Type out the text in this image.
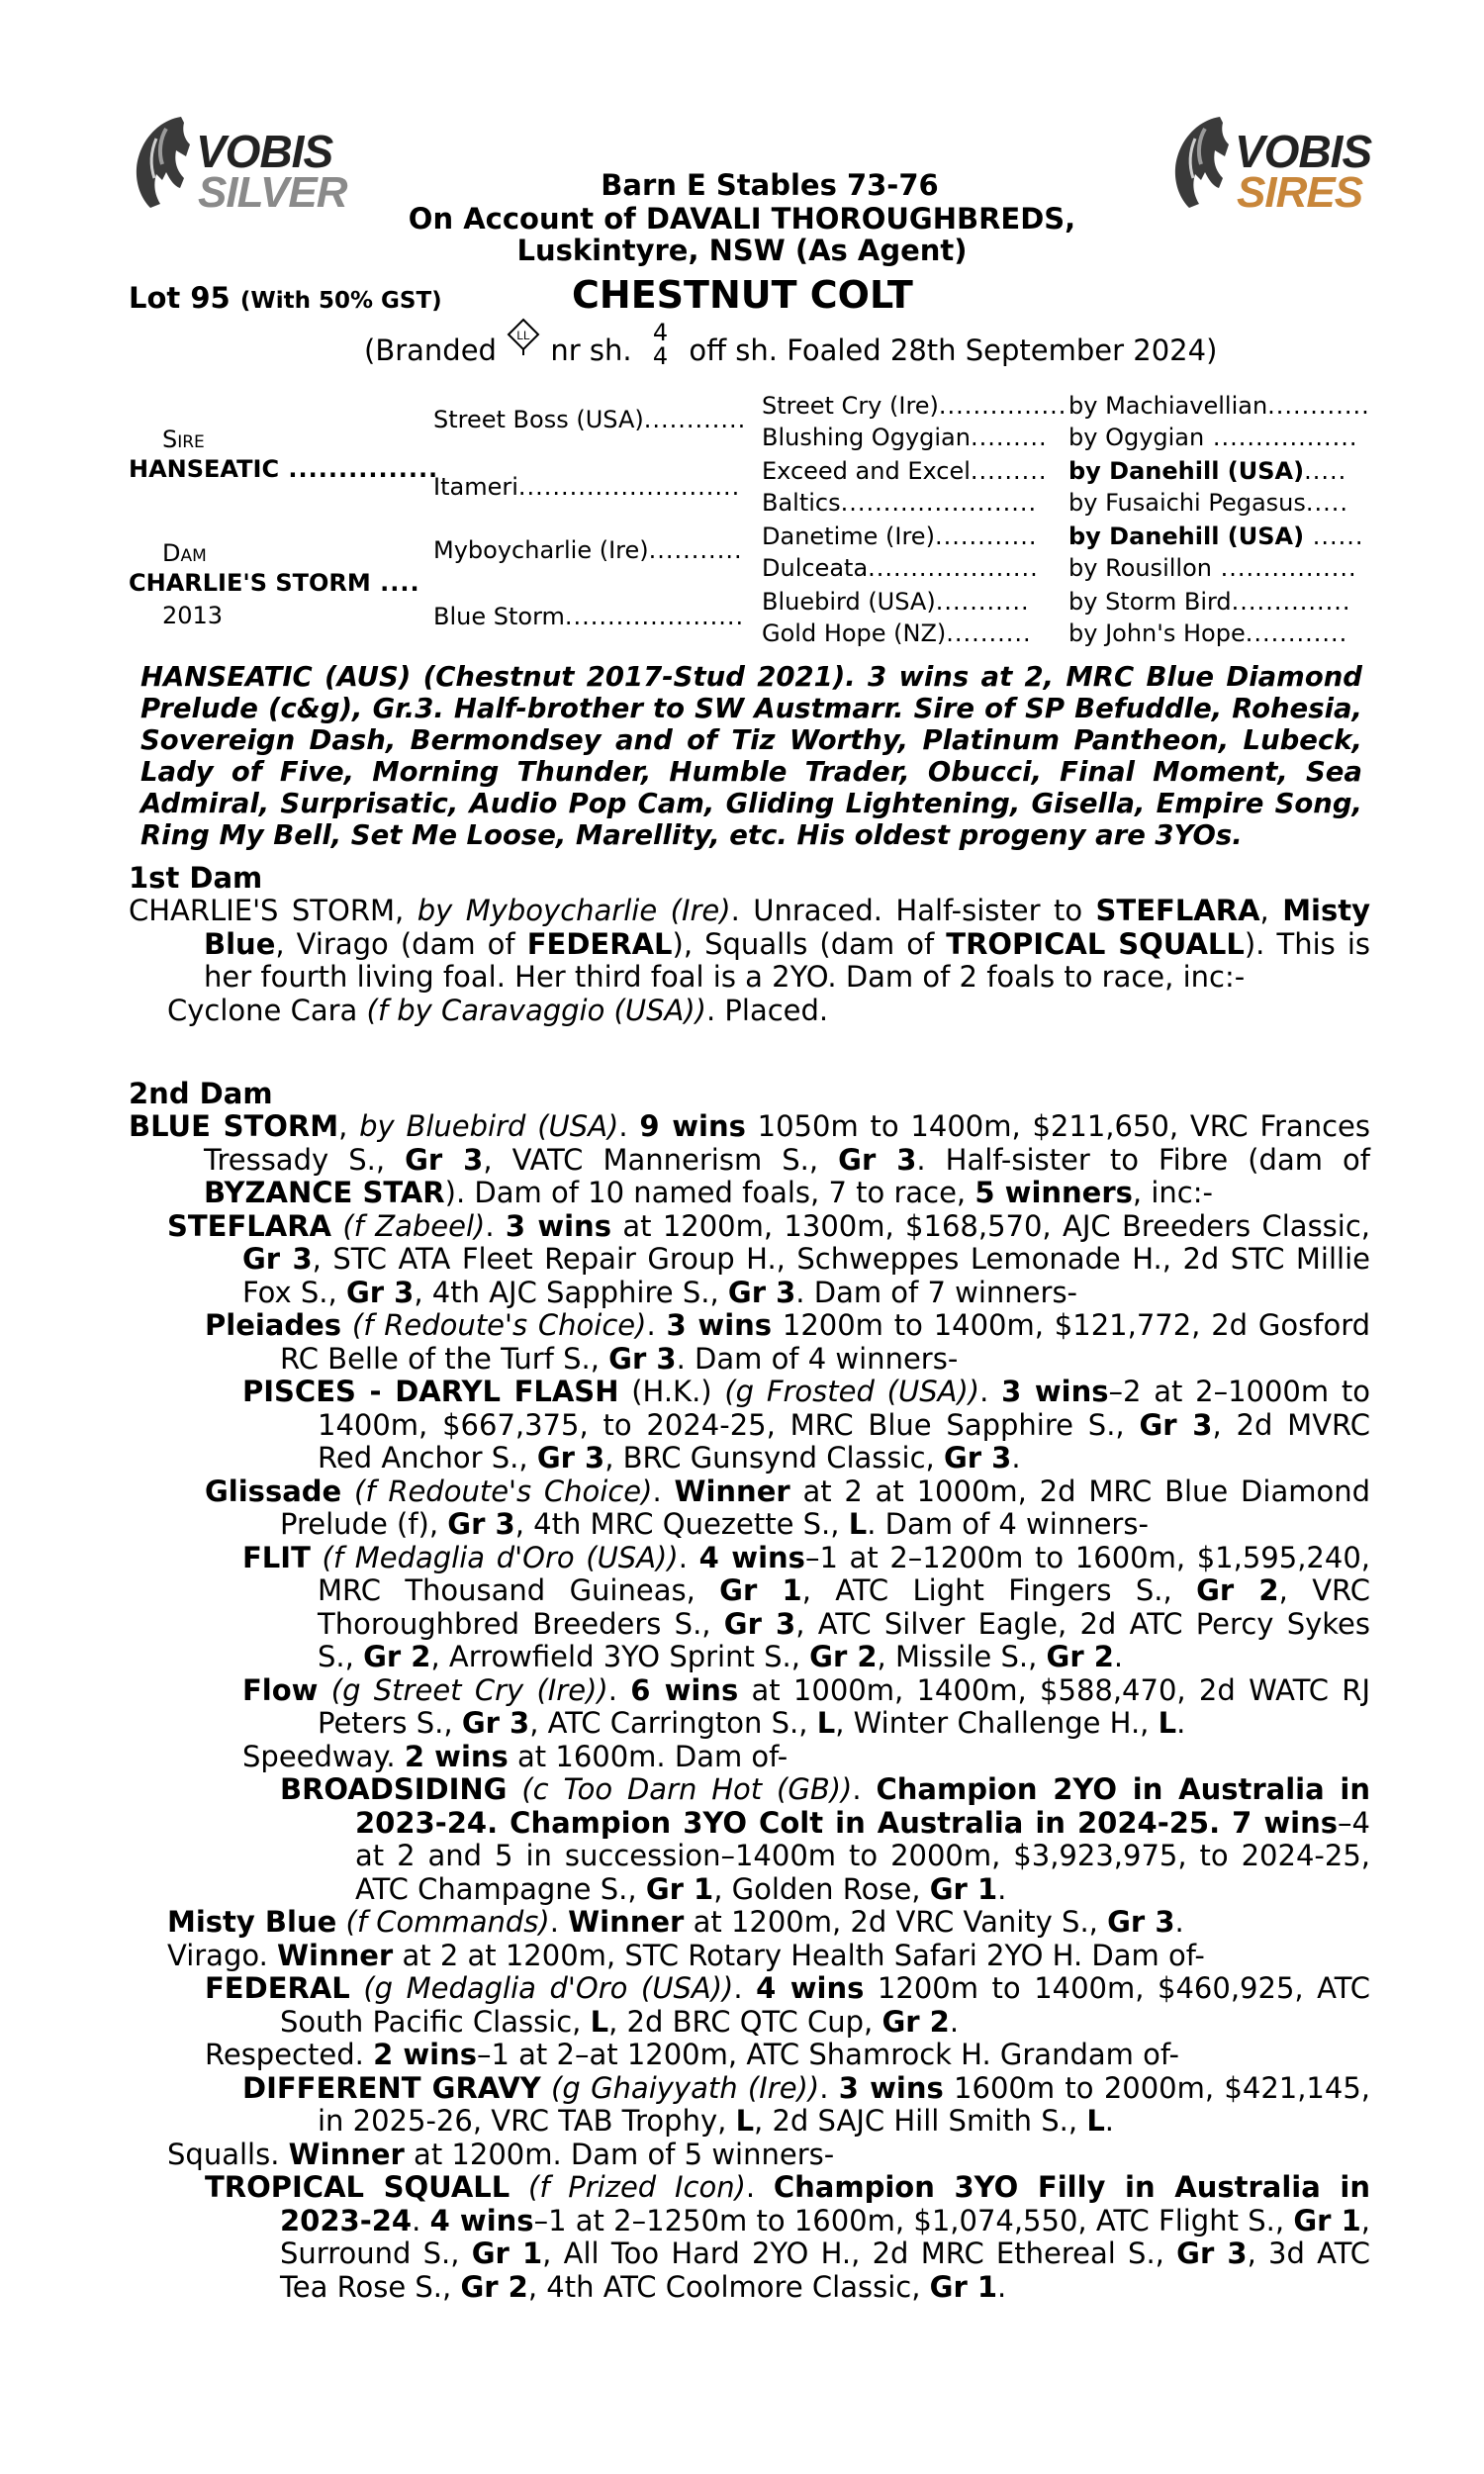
VOBIS
SILVER
VOBIS
SIRES
Barn E Stables 73-76
On Account of DAVALI THOROUGHBREDS,
Luskintyre, NSW (As Agent)
Lot 95 (With 50% GST)	CHESTNUT COLT
(Branded LL nr sh. 4
4 off sh. Foaled 28th September 2024)
Sire
HANSEATIC ...............
Dam
CHARLIE'S STORM ....
2013
Street Boss (USA)............
Itameri..........................
Myboycharlie (Ire)...........
Blue Storm.....................
Street Cry (Ire)...............
Blushing Ogygian.........
Exceed and Excel.........
Baltics.......................
Danetime (Ire)............
Dulceata....................
Bluebird (USA)...........
Gold Hope (NZ)..........
by Machiavellian............
by Ogygian .................
by Danehill (USA).....
by Fusaichi Pegasus.....
by Danehill (USA) ......
by Rousillon ................
by Storm Bird..............
by John's Hope............
HANSEATIC (AUS) (Chestnut 2017-Stud 2021). 3 wins at 2, MRC Blue Diamond Prelude (c&g), Gr.3. Half-brother to SW Austmarr. Sire of SP Befuddle, Rohesia, Sovereign Dash, Bermondsey and of Tiz Worthy, Platinum Pantheon, Lubeck, Lady of Five, Morning Thunder, Humble Trader, Obucci, Final Moment, Sea Admiral, Surprisatic, Audio Pop Cam, Gliding Lightening, Gisella, Empire Song, Ring My Bell, Set Me Loose, Marellity, etc. His oldest progeny are 3YOs.
1st Dam

CHARLIE'S STORM, by Myboycharlie (Ire). Unraced. Half-sister to STEFLARA, Misty Blue, Virago (dam of FEDERAL), Squalls (dam of TROPICAL SQUALL). This is her fourth living foal. Her third foal is a 2YO. Dam of 2 foals to race, inc:-

Cyclone Cara (f by Caravaggio (USA)). Placed.

2nd Dam

BLUE STORM, by Bluebird (USA). 9 wins 1050m to 1400m, $211,650, VRC Frances Tressady S., Gr 3, VATC Mannerism S., Gr 3. Half-sister to Fibre (dam of BYZANCE STAR). Dam of 10 named foals, 7 to race, 5 winners, inc:-

STEFLARA (f Zabeel). 3 wins at 1200m, 1300m, $168,570, AJC Breeders Classic, Gr 3, STC ATA Fleet Repair Group H., Schweppes Lemonade H., 2d STC Millie Fox S., Gr 3, 4th AJC Sapphire S., Gr 3. Dam of 7 winners-

Pleiades (f Redoute's Choice). 3 wins 1200m to 1400m, $121,772, 2d Gosford RC Belle of the Turf S., Gr 3. Dam of 4 winners-

PISCES - DARYL FLASH (H.K.) (g Frosted (USA)). 3 wins–2 at 2–1000m to 1400m, $667,375, to 2024-25, MRC Blue Sapphire S., Gr 3, 2d MVRC Red Anchor S., Gr 3, BRC Gunsynd Classic, Gr 3.

Glissade (f Redoute's Choice). Winner at 2 at 1000m, 2d MRC Blue Diamond Prelude (f), Gr 3, 4th MRC Quezette S., L. Dam of 4 winners-

FLIT (f Medaglia d'Oro (USA)). 4 wins–1 at 2–1200m to 1600m, $1,595,240, MRC Thousand Guineas, Gr 1, ATC Light Fingers S., Gr 2, VRC Thoroughbred Breeders S., Gr 3, ATC Silver Eagle, 2d ATC Percy Sykes S., Gr 2, Arrowfield 3YO Sprint S., Gr 2, Missile S., Gr 2.

Flow (g Street Cry (Ire)). 6 wins at 1000m, 1400m, $588,470, 2d WATC RJ Peters S., Gr 3, ATC Carrington S., L, Winter Challenge H., L.

Speedway. 2 wins at 1600m. Dam of-

BROADSIDING (c Too Darn Hot (GB)). Champion 2YO in Australia in 2023-24. Champion 3YO Colt in Australia in 2024-25. 7 wins–4 at 2 and 5 in succession–1400m to 2000m, $3,923,975, to 2024-25, ATC Champagne S., Gr 1, Golden Rose, Gr 1.

Misty Blue (f Commands). Winner at 1200m, 2d VRC Vanity S., Gr 3.

Virago. Winner at 2 at 1200m, STC Rotary Health Safari 2YO H. Dam of-

FEDERAL (g Medaglia d'Oro (USA)). 4 wins 1200m to 1400m, $460,925, ATC South Pacific Classic, L, 2d BRC QTC Cup, Gr 2.

Respected. 2 wins–1 at 2–at 1200m, ATC Shamrock H. Grandam of-

DIFFERENT GRAVY (g Ghaiyyath (Ire)). 3 wins 1600m to 2000m, $421,145, in 2025-26, VRC TAB Trophy, L, 2d SAJC Hill Smith S., L.

Squalls. Winner at 1200m. Dam of 5 winners-

TROPICAL SQUALL (f Prized Icon). Champion 3YO Filly in Australia in 2023-24. 4 wins–1 at 2–1250m to 1600m, $1,074,550, ATC Flight S., Gr 1, Surround S., Gr 1, All Too Hard 2YO H., 2d MRC Ethereal S., Gr 3, 3d ATC Tea Rose S., Gr 2, 4th ATC Coolmore Classic, Gr 1.
